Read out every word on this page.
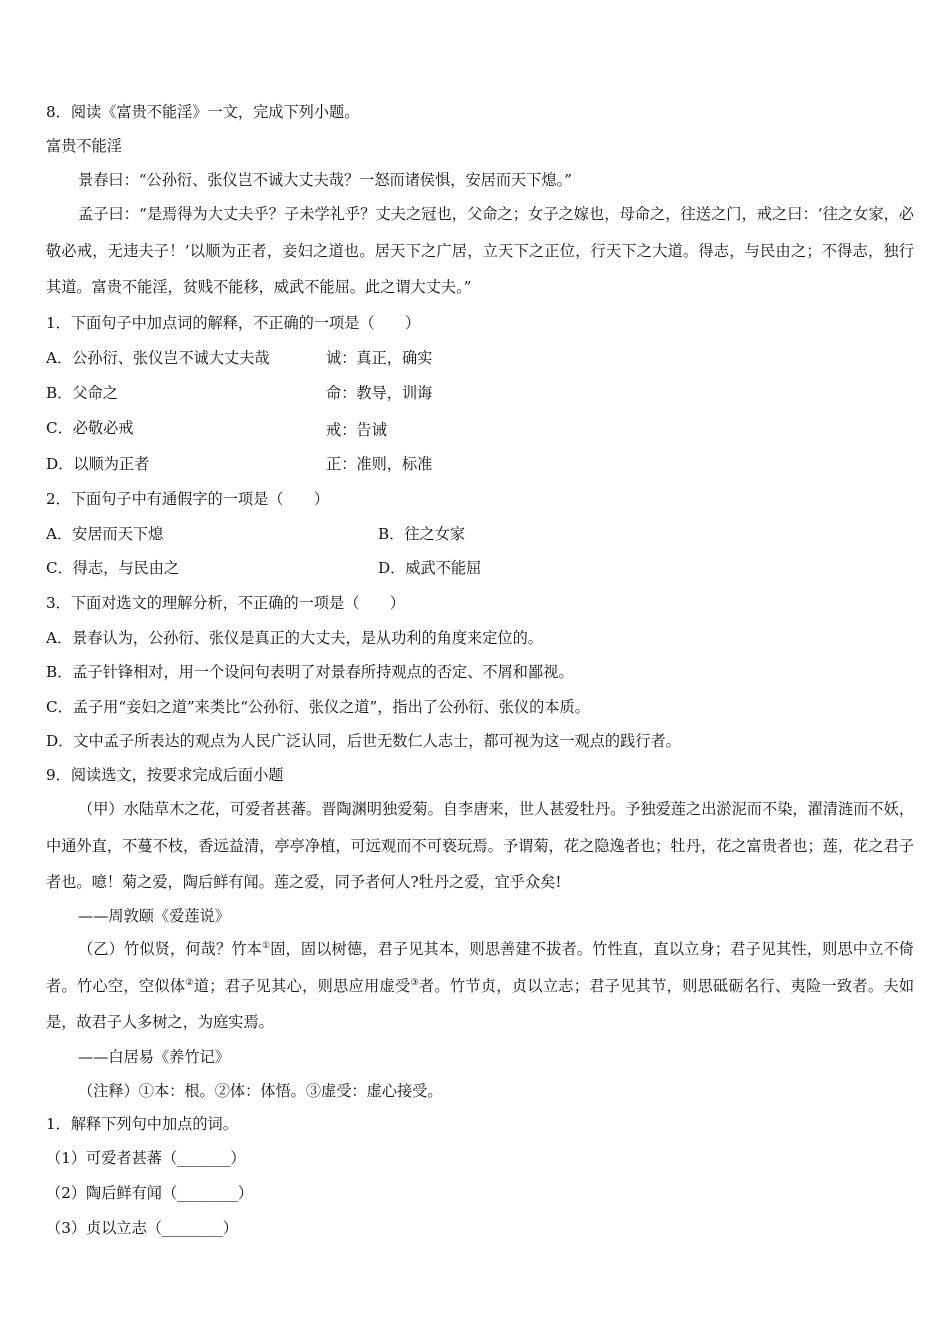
8．阅读《富贵不能淫》一文，完成下列小题。
富贵不能淫
景春曰：“公孙衍、张仪岂不诚大丈夫哉？一怒而诸侯惧，安居而天下熄。”
孟子曰：“是焉得为大丈夫乎？子未学礼乎？丈夫之冠也，父命之；女子之嫁也，母命之，往送之门，戒之曰：‘往之女家，必敬必戒，无违夫子！’以顺为正者，妾妇之道也。居天下之广居，立天下之正位，行天下之大道。得志，与民由之；不得志，独行其道。富贵不能淫，贫贱不能移，威武不能屈。此之谓大丈夫。”
1．下面句子中加点词的解释，不正确的一项是（　　）
A．公孙衍、张仪岂不诚大丈夫哉	诚：真正，确实
B．父命之	命：教导，训诲
C．必敬必戒	戒：告诫
D．以顺为正者	正：准则，标准
2．下面句子中有通假字的一项是（　　）
A．安居而天下熄	B．往之女家
C．得志，与民由之	D．威武不能屈
3．下面对选文的理解分析，不正确的一项是（　　）
A．景春认为，公孙衍、张仪是真正的大丈夫，是从功利的角度来定位的。
B．孟子针锋相对，用一个设问句表明了对景春所持观点的否定、不屑和鄙视。
C．孟子用“妾妇之道”来类比“公孙衍、张仪之道”，指出了公孙衍、张仪的本质。
D．文中孟子所表达的观点为人民广泛认同，后世无数仁人志士，都可视为这一观点的践行者。
9．阅读选文，按要求完成后面小题
（甲）水陆草木之花，可爱者甚蕃。晋陶渊明独爱菊。自李唐来，世人甚爱牡丹。予独爱莲之出淤泥而不染，濯清涟而不妖，中通外直，不蔓不枝，香远益清，亭亭净植，可远观而不可亵玩焉。予谓菊，花之隐逸者也；牡丹，花之富贵者也；莲，花之君子者也。噫！菊之爱，陶后鲜有闻。莲之爱，同予者何人?牡丹之爱，宜乎众矣!
——周敦颐《爱莲说》
（乙）竹似贤，何哉？竹本①固，固以树德，君子见其本，则思善建不拔者。竹性直，直以立身；君子见其性，则思中立不倚者。竹心空，空似体②道；君子见其心，则思应用虚受③者。竹节贞，贞以立志；君子见其节，则思砥砺名行、夷险一致者。夫如是，故君子人多树之，为庭实焉。
——白居易《养竹记》
（注释）①本：根。②体：体悟。③虚受：虚心接受。
1．解释下列句中加点的词。
（1）可爱者甚蕃（_______）
（2）陶后鲜有闻（________）
（3）贞以立志（________）
